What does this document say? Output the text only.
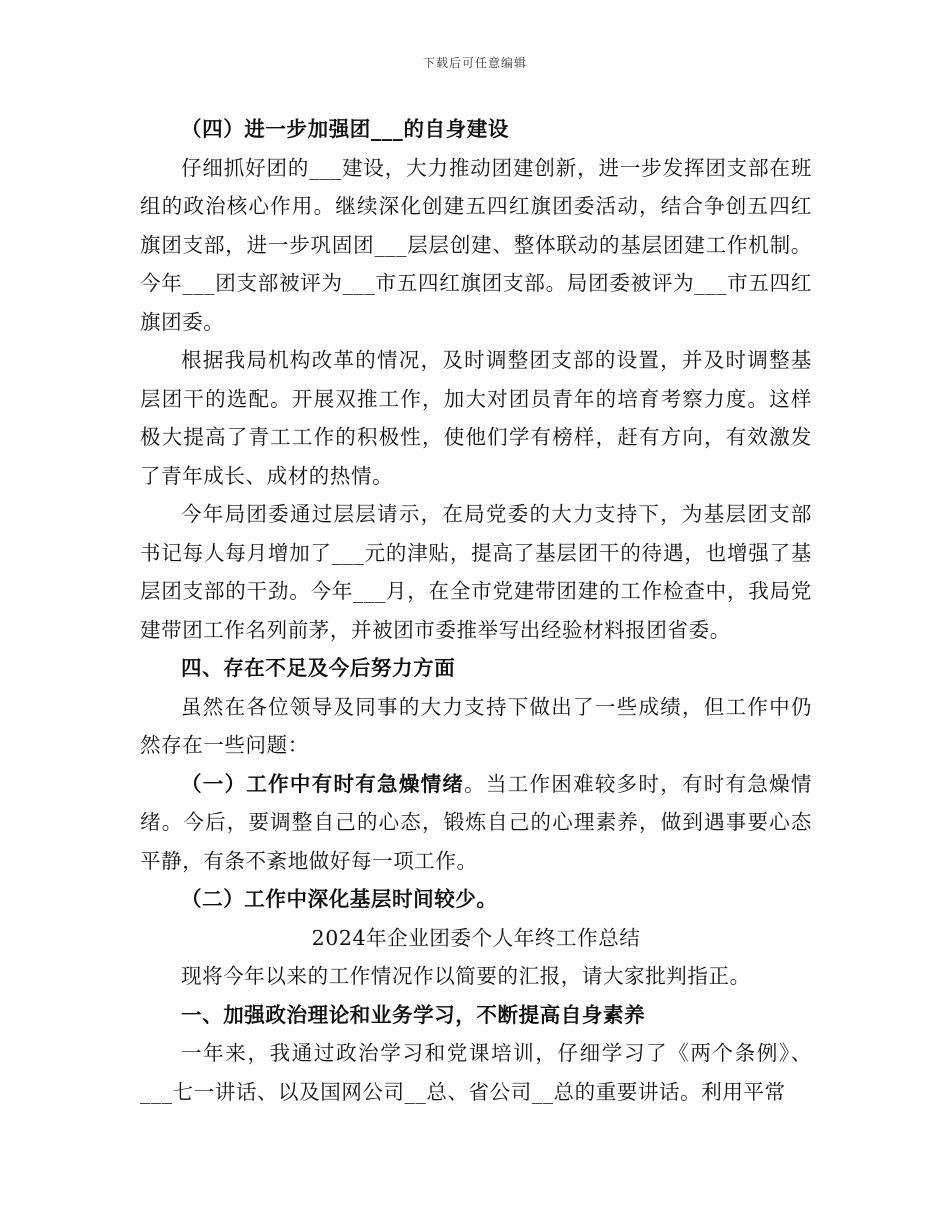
下载后可任意编辑

（四）进一步加强团___的自身建设

仔细抓好团的___建设，大力推动团建创新，进一步发挥团支部在班组的政治核心作用。继续深化创建五四红旗团委活动，结合争创五四红旗团支部，进一步巩固团___层层创建、整体联动的基层团建工作机制。今年___团支部被评为___市五四红旗团支部。局团委被评为___市五四红旗团委。

根据我局机构改革的情况，及时调整团支部的设置，并及时调整基层团干的选配。开展双推工作，加大对团员青年的培育考察力度。这样极大提高了青工工作的积极性，使他们学有榜样，赶有方向，有效激发了青年成长、成材的热情。

今年局团委通过层层请示，在局党委的大力支持下，为基层团支部书记每人每月增加了___元的津贴，提高了基层团干的待遇，也增强了基层团支部的干劲。今年___月，在全市党建带团建的工作检查中，我局党建带团工作名列前茅，并被团市委推举写出经验材料报团省委。

四、存在不足及今后努力方面

虽然在各位领导及同事的大力支持下做出了一些成绩，但工作中仍然存在一些问题：

（一）工作中有时有急燥情绪。当工作困难较多时，有时有急燥情绪。今后，要调整自己的心态，锻炼自己的心理素养，做到遇事要心态平静，有条不紊地做好每一项工作。

（二）工作中深化基层时间较少。

2024年企业团委个人年终工作总结

现将今年以来的工作情况作以简要的汇报，请大家批判指正。

一、加强政治理论和业务学习，不断提高自身素养

一年来，我通过政治学习和党课培训，仔细学习了《两个条例》、___七一讲话、以及国网公司__总、省公司__总的重要讲话。利用平常
